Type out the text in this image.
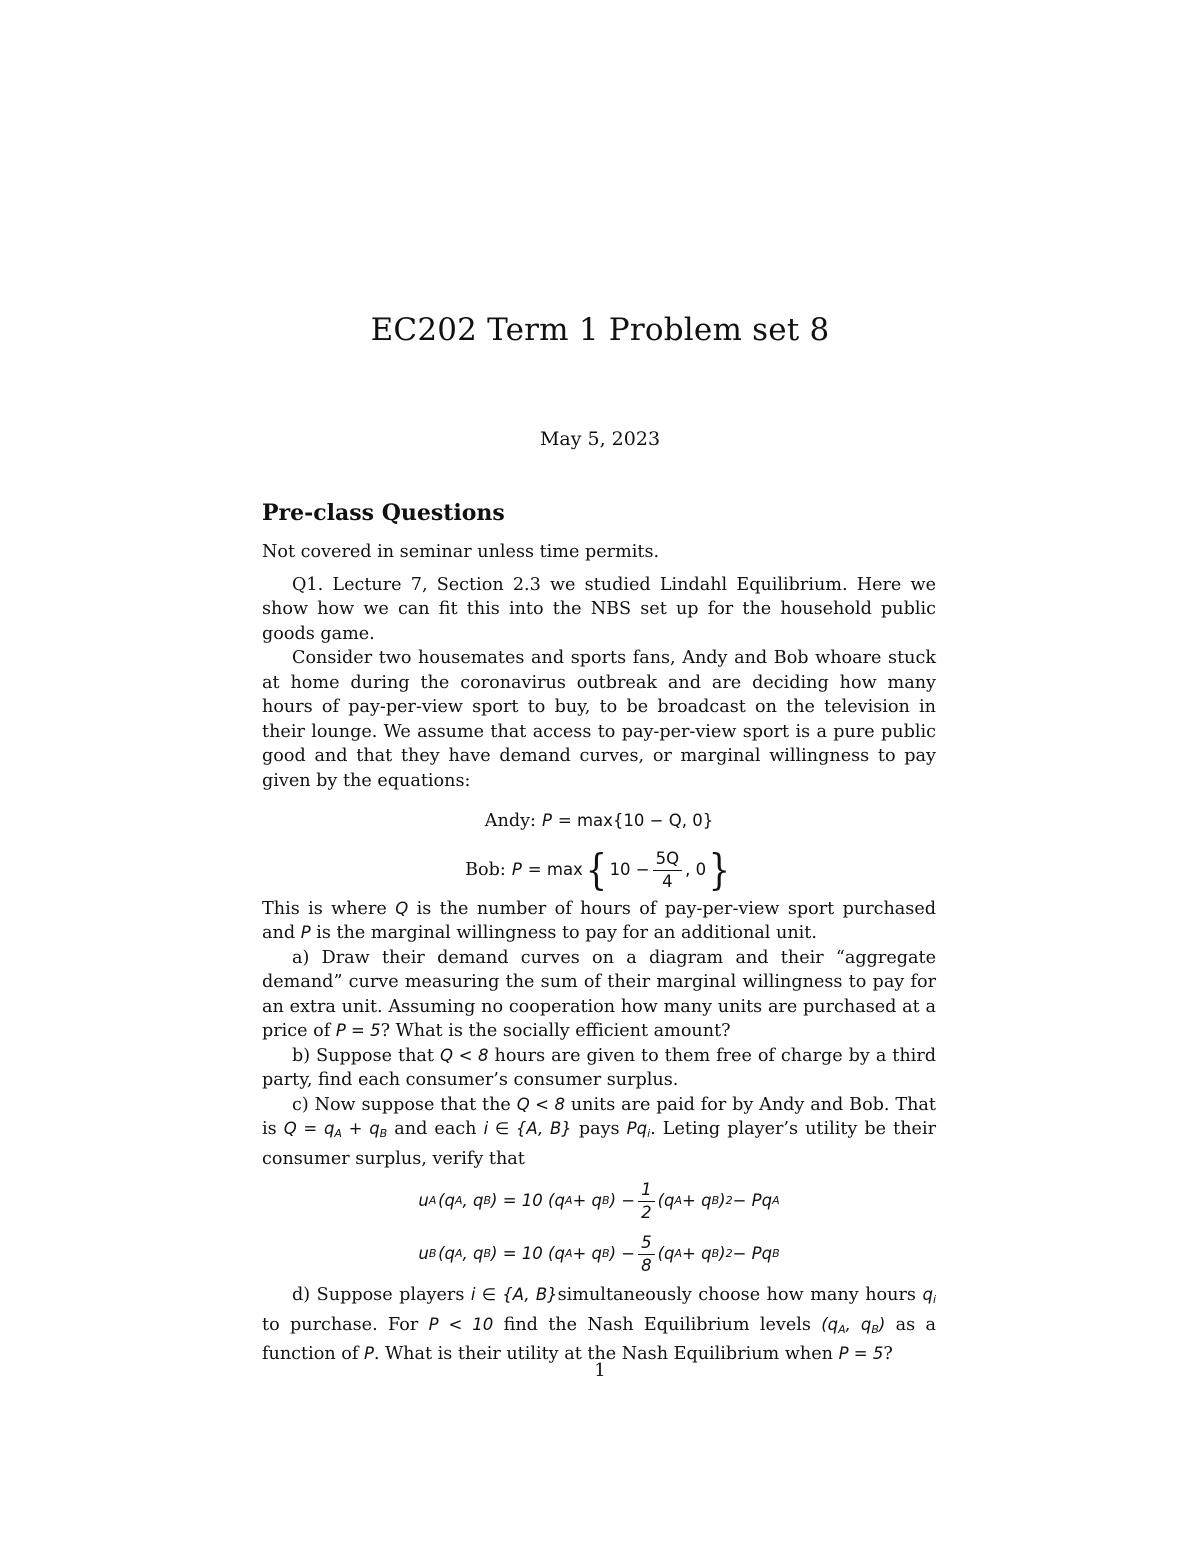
EC202 Term 1 Problem set 8
May 5, 2023
Pre-class Questions

Not covered in seminar unless time permits.

Q1. Lecture 7, Section 2.3 we studied Lindahl Equilibrium. Here we show how we can fit this into the NBS set up for the household public goods game.

Consider two housemates and sports fans, Andy and Bob whoare stuck at home during the coronavirus outbreak and are deciding how many hours of pay-per-view sport to buy, to be broadcast on the television in their lounge. We assume that access to pay-per-view sport is a pure public good and that they have demand curves, or marginal willingness to pay given by the equations:

Andy: P = max{10 − Q, 0}
Bob: P = max { $10 - \frac{5Q}{4}$ , 0 }

This is where Q is the number of hours of pay-per-view sport purchased and P is the marginal willingness to pay for an additional unit.

a) Draw their demand curves on a diagram and their “aggregate demand” curve measuring the sum of their marginal willingness to pay for an extra unit. Assuming no cooperation how many units are purchased at a price of P = 5? What is the socially efficient amount?

b) Suppose that Q < 8 hours are given to them free of charge by a third party, find each consumer’s consumer surplus.

c) Now suppose that the Q < 8 units are paid for by Andy and Bob. That is $Q = q_A + q_B$ and each i ∈ {A, B} pays $Pq_i$. Leting player’s utility be their consumer surplus, verify that

u A
  (q A , q B ) = 10 (q A + q B ) − $\frac{1}{2} (q$ A + q B ) 2 − Pq A
u B
  (q A , q B ) = 10 (q A + q B ) − $\frac{5}{8} (q$ A + q B ) 2 − Pq B

d) Suppose players i ∈ {A, B}simultaneously choose how many hours $q_i$ to purchase. For P < 10 find the Nash Equilibrium levels ($q_A$, $q_B$) as a function of P. What is their utility at the Nash Equilibrium when P = 5?

1
